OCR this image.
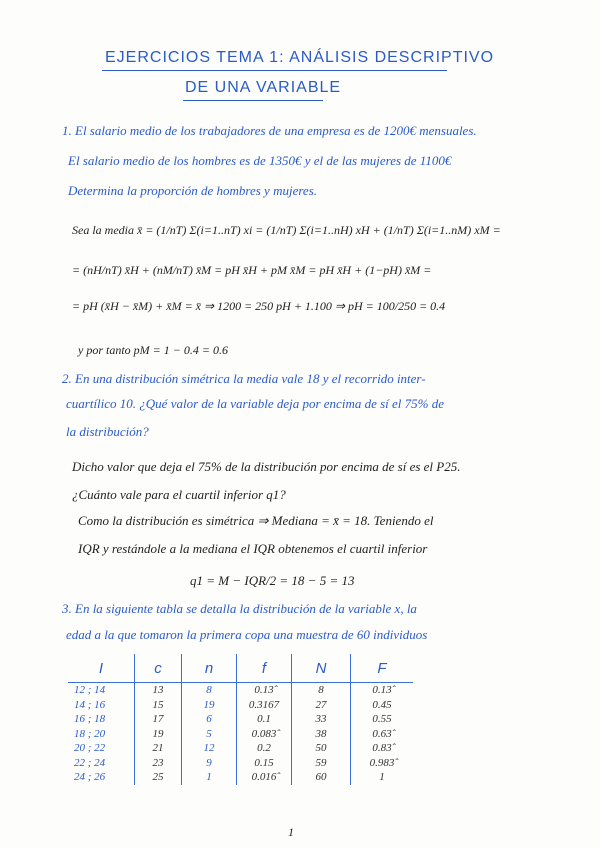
EJERCICIOS TEMA 1: ANÁLISIS DESCRIPTIVO
DE UNA VARIABLE
1. El salario medio de los trabajadores de una empresa es de 1200€ mensuales.
El salario medio de los hombres es de 1350€ y el de las mujeres de 1100€
Determina la proporción de hombres y mujeres.
Sea la media x̄ = (1/nT) Σ(i=1..nT) xi = (1/nT) Σ(i=1..nH) xH + (1/nT) Σ(i=1..nM) xM =
= (nH/nT) x̄H + (nM/nT) x̄M = pH x̄H + pM x̄M = pH x̄H + (1−pH) x̄M =
= pH (x̄H − x̄M) + x̄M = x̄ ⇒ 1200 = 250 pH + 1.100 ⇒ pH = 100/250 = 0.4
y por tanto pM = 1 − 0.4 = 0.6
2. En una distribución simétrica la media vale 18 y el recorrido inter-
cuartílico 10. ¿Qué valor de la variable deja por encima de sí el 75% de
la distribución?
Dicho valor que deja el 75% de la distribución por encima de sí es el P25.
¿Cuánto vale para el cuartil inferior q1?
Como la distribución es simétrica ⇒ Mediana = x̄ = 18. Teniendo el
IQR y restándole a la mediana el IQR obtenemos el cuartil inferior
q1 = M − IQR/2 = 18 − 5 = 13
3. En la siguiente tabla se detalla la distribución de la variable x, la
edad a la que tomaron la primera copa una muestra de 60 individuos
I	c	n	f	N	F
12 ; 14	13	8	0.13̂	8	0.13̂
14 ; 16	15	19	0.3167	27	0.45
16 ; 18	17	6	0.1	33	0.55
18 ; 20	19	5	0.083̂	38	0.63̂
20 ; 22	21	12	0.2	50	0.83̂
22 ; 24	23	9	0.15	59	0.983̂
24 ; 26	25	1	0.016̂	60	1
1
